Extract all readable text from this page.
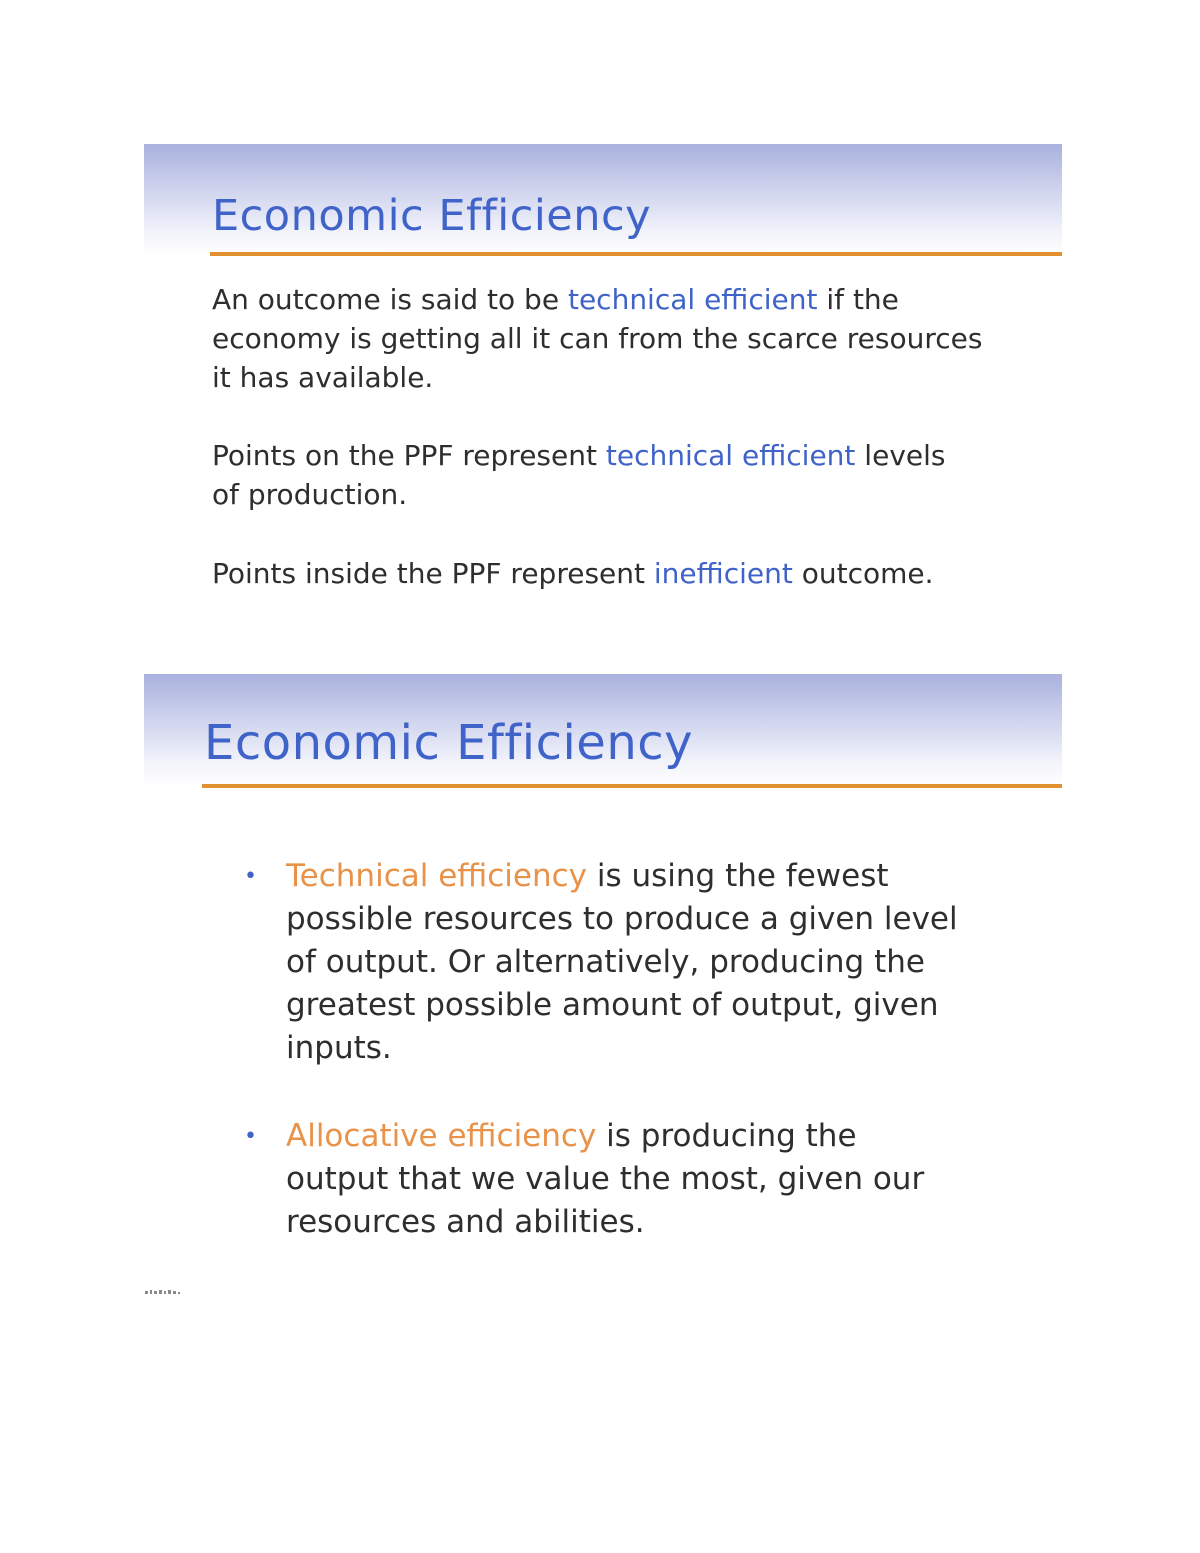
Economic Efficiency

An outcome is said to be technical efficient if the
economy is getting all it can from the scarce resources
it has available.

Points on the PPF represent technical efficient levels
of production.

Points inside the PPF represent inefficient outcome.

Economic Efficiency
• Technical efficiency is using the fewest
possible resources to produce a given level
of output. Or alternatively, producing the
greatest possible amount of output, given
inputs.

• Allocative efficiency is producing the
output that we value the most, given our
resources and abilities.
